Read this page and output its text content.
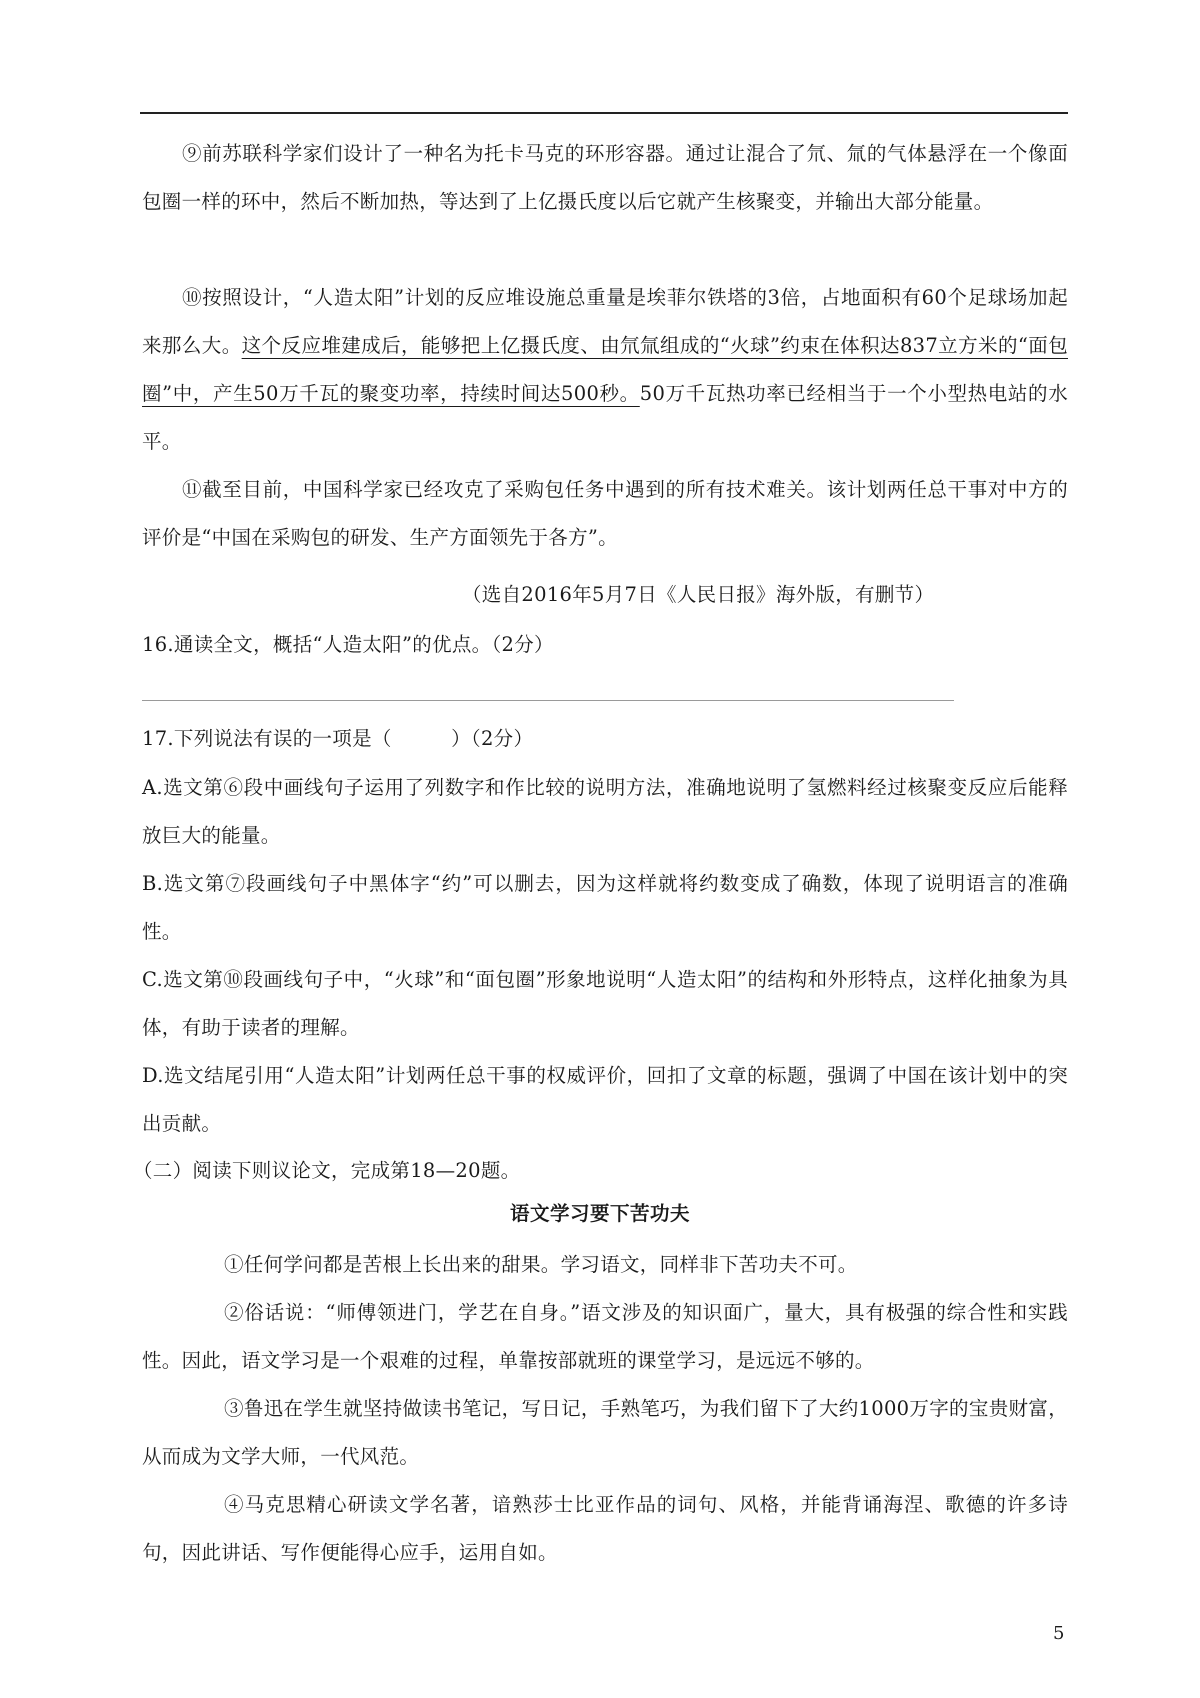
⑨前苏联科学家们设计了一种名为托卡马克的环形容器。通过让混合了氘、氚的气体悬浮在一个像面包圈一样的环中，然后不断加热，等达到了上亿摄氏度以后它就产生核聚变，并输出大部分能量。

⑩按照设计，“人造太阳”计划的反应堆设施总重量是埃菲尔铁塔的3倍，占地面积有60个足球场加起来那么大。这个反应堆建成后，能够把上亿摄氏度、由氘氚组成的“火球”约束在体积达837立方米的“面包圈”中，产生50万千瓦的聚变功率，持续时间达500秒。50万千瓦热功率已经相当于一个小型热电站的水平。

⑪截至目前，中国科学家已经攻克了采购包任务中遇到的所有技术难关。该计划两任总干事对中方的评价是“中国在采购包的研发、生产方面领先于各方”。

（选自2016年5月7日《人民日报》海外版，有删节）

16.通读全文，概括“人造太阳”的优点。（2分）

17.下列说法有误的一项是（　　　）（2分）

A.选文第⑥段中画线句子运用了列数字和作比较的说明方法，准确地说明了氢燃料经过核聚变反应后能释放巨大的能量。

B.选文第⑦段画线句子中黑体字“约”可以删去，因为这样就将约数变成了确数，体现了说明语言的准确性。

C.选文第⑩段画线句子中，“火球”和“面包圈”形象地说明“人造太阳”的结构和外形特点，这样化抽象为具体，有助于读者的理解。

D.选文结尾引用“人造太阳”计划两任总干事的权威评价，回扣了文章的标题，强调了中国在该计划中的突出贡献。

（二）阅读下则议论文，完成第18—20题。

语文学习要下苦功夫

①任何学问都是苦根上长出来的甜果。学习语文，同样非下苦功夫不可。

②俗话说：“师傅领进门，学艺在自身。”语文涉及的知识面广，量大，具有极强的综合性和实践性。因此，语文学习是一个艰难的过程，单靠按部就班的课堂学习，是远远不够的。

③鲁迅在学生就坚持做读书笔记，写日记，手熟笔巧，为我们留下了大约1000万字的宝贵财富，从而成为文学大师，一代风范。

④马克思精心研读文学名著，谙熟莎士比亚作品的词句、风格，并能背诵海涅、歌德的许多诗句，因此讲话、写作便能得心应手，运用自如。

5
